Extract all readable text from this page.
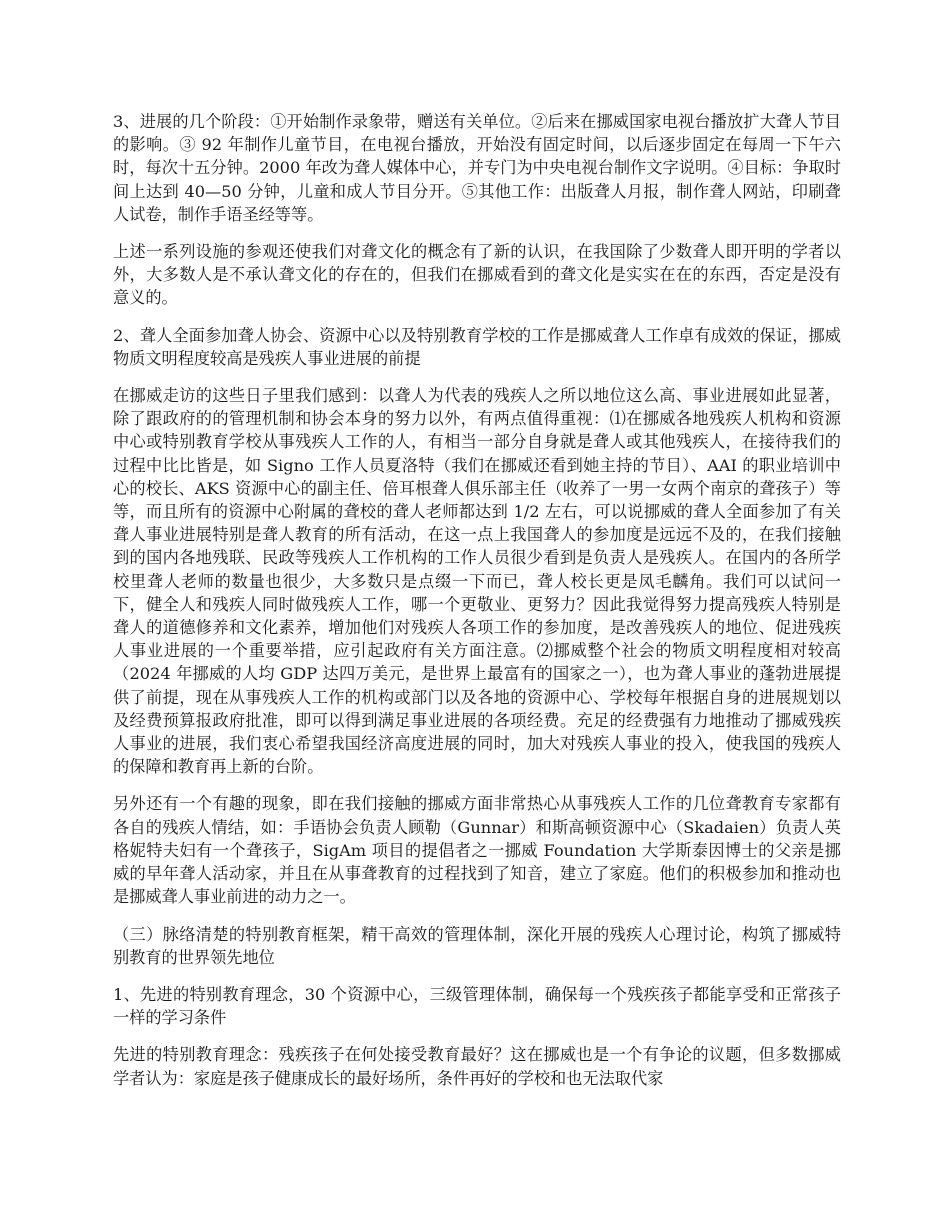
3、进展的几个阶段：①开始制作录象带，赠送有关单位。②后来在挪威国家电视台播放扩大聋人节目的影响。③ 92 年制作儿童节目，在电视台播放，开始没有固定时间，以后逐步固定在每周一下午六时，每次十五分钟。2000 年改为聋人媒体中心，并专门为中央电视台制作文字说明。④目标：争取时间上达到 40—50 分钟，儿童和成人节目分开。⑤其他工作：出版聋人月报，制作聋人网站，印刷聋人试卷，制作手语圣经等等。

上述一系列设施的参观还使我们对聋文化的概念有了新的认识，在我国除了少数聋人即开明的学者以外，大多数人是不承认聋文化的存在的，但我们在挪威看到的聋文化是实实在在的东西，否定是没有意义的。

2、聋人全面参加聋人协会、资源中心以及特别教育学校的工作是挪威聋人工作卓有成效的保证，挪威物质文明程度较高是残疾人事业进展的前提

在挪威走访的这些日子里我们感到：以聋人为代表的残疾人之所以地位这么高、事业进展如此显著，除了跟政府的的管理机制和协会本身的努力以外，有两点值得重视：⑴在挪威各地残疾人机构和资源中心或特别教育学校从事残疾人工作的人，有相当一部分自身就是聋人或其他残疾人，在接待我们的过程中比比皆是，如 Signo 工作人员夏洛特（我们在挪威还看到她主持的节目）、AAI 的职业培训中心的校长、AKS 资源中心的副主任、倍耳根聋人俱乐部主任（收养了一男一女两个南京的聋孩子）等等，而且所有的资源中心附属的聋校的聋人老师都达到 1/2 左右，可以说挪威的聋人全面参加了有关聋人事业进展特别是聋人教育的所有活动，在这一点上我国聋人的参加度是远远不及的，在我们接触到的国内各地残联、民政等残疾人工作机构的工作人员很少看到是负责人是残疾人。在国内的各所学校里聋人老师的数量也很少，大多数只是点缀一下而已，聋人校长更是凤毛麟角。我们可以试问一下，健全人和残疾人同时做残疾人工作，哪一个更敬业、更努力？因此我觉得努力提高残疾人特别是聋人的道德修养和文化素养，增加他们对残疾人各项工作的参加度，是改善残疾人的地位、促进残疾人事业进展的一个重要举措，应引起政府有关方面注意。⑵挪威整个社会的物质文明程度相对较高（2024 年挪威的人均 GDP 达四万美元，是世界上最富有的国家之一），也为聋人事业的蓬勃进展提供了前提，现在从事残疾人工作的机构或部门以及各地的资源中心、学校每年根据自身的进展规划以及经费预算报政府批准，即可以得到满足事业进展的各项经费。充足的经费强有力地推动了挪威残疾人事业的进展，我们衷心希望我国经济高度进展的同时，加大对残疾人事业的投入，使我国的残疾人的保障和教育再上新的台阶。

另外还有一个有趣的现象，即在我们接触的挪威方面非常热心从事残疾人工作的几位聋教育专家都有各自的残疾人情结，如：手语协会负责人顾勒（Gunnar）和斯高顿资源中心（Skadaien）负责人英格妮特夫妇有一个聋孩子，SigAm 项目的提倡者之一挪威 Foundation 大学斯泰因博士的父亲是挪威的早年聋人活动家，并且在从事聋教育的过程找到了知音，建立了家庭。他们的积极参加和推动也是挪威聋人事业前进的动力之一。

（三）脉络清楚的特别教育框架，精干高效的管理体制，深化开展的残疾人心理讨论，构筑了挪威特别教育的世界领先地位

1、先进的特别教育理念，30 个资源中心，三级管理体制，确保每一个残疾孩子都能享受和正常孩子一样的学习条件

先进的特别教育理念：残疾孩子在何处接受教育最好？这在挪威也是一个有争论的议题，但多数挪威学者认为：家庭是孩子健康成长的最好场所，条件再好的学校和也无法取代家
